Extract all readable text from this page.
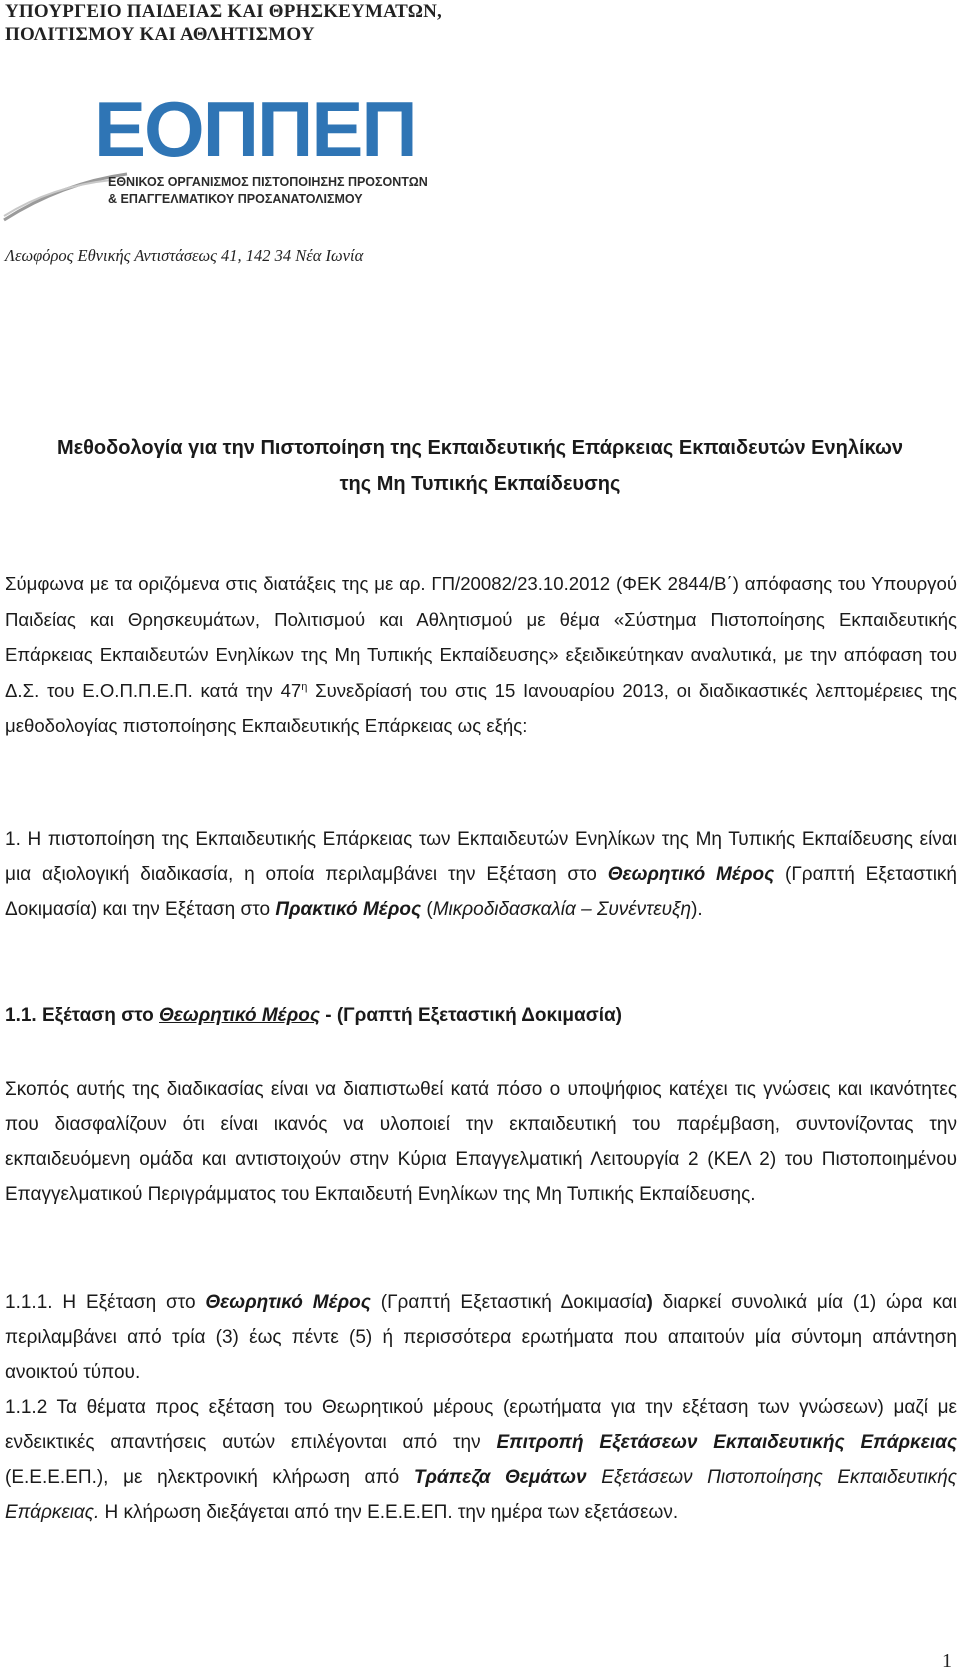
ΥΠΟΥΡΓΕΙΟ ΠΑΙΔΕΙΑΣ ΚΑΙ ΘΡΗΣΚΕΥΜΑΤΩΝ,
ΠΟΛΙΤΙΣΜΟΥ ΚΑΙ ΑΘΛΗΤΙΣΜΟΥ
ΕΟΠΠΕΠ
ΕΘΝΙΚΟΣ ΟΡΓΑΝΙΣΜΟΣ ΠΙΣΤΟΠΟΙΗΣΗΣ ΠΡΟΣΟΝΤΩΝ
& ΕΠΑΓΓΕΛΜΑΤΙΚΟΥ ΠΡΟΣΑΝΑΤΟΛΙΣΜΟΥ
Λεωφόρος Εθνικής Αντιστάσεως 41, 142 34 Νέα Ιωνία
Μεθοδολογία για την Πιστοποίηση της Εκπαιδευτικής Επάρκειας Εκπαιδευτών Ενηλίκων
της Μη Τυπικής Εκπαίδευσης
Σύμφωνα με τα οριζόμενα στις διατάξεις της με αρ. ΓΠ/20082/23.10.2012 (ΦΕΚ 2844/Β΄) απόφασης του Υπουργού Παιδείας και Θρησκευμάτων, Πολιτισμού και Αθλητισμού με θέμα «Σύστημα Πιστοποίησης Εκπαιδευτικής Επάρκειας Εκπαιδευτών Ενηλίκων της Μη Τυπικής Εκπαίδευσης» εξειδικεύτηκαν αναλυτικά, με την απόφαση του Δ.Σ. του Ε.Ο.Π.Π.Ε.Π. κατά την $47^\eta$ Συνεδρίασή του στις 15 Ιανουαρίου 2013, οι διαδικαστικές λεπτομέρειες της μεθοδολογίας πιστοποίησης Εκπαιδευτικής Επάρκειας ως εξής:
1. Η πιστοποίηση της Εκπαιδευτικής Επάρκειας των Εκπαιδευτών Ενηλίκων της Μη Τυπικής Εκπαίδευσης είναι μια αξιολογική διαδικασία, η οποία περιλαμβάνει την Εξέταση στο Θεωρητικό Μέρος (Γραπτή Εξεταστική Δοκιμασία) και την Εξέταση στο Πρακτικό Μέρος (Μικροδιδασκαλία – Συνέντευξη).
1.1. Εξέταση στο Θεωρητικό Μέρος - (Γραπτή Εξεταστική Δοκιμασία)
Σκοπός αυτής της διαδικασίας είναι να διαπιστωθεί κατά πόσο ο υποψήφιος κατέχει τις γνώσεις και ικανότητες που διασφαλίζουν ότι είναι ικανός να υλοποιεί την εκπαιδευτική του παρέμβαση, συντονίζοντας την εκπαιδευόμενη ομάδα και αντιστοιχούν στην Κύρια Επαγγελματική Λειτουργία 2 (ΚΕΛ 2) του Πιστοποιημένου Επαγγελματικού Περιγράμματος του Εκπαιδευτή Ενηλίκων της Μη Τυπικής Εκπαίδευσης.
1.1.1. Η Εξέταση στο Θεωρητικό Μέρος (Γραπτή Εξεταστική Δοκιμασία) διαρκεί συνολικά μία (1) ώρα και περιλαμβάνει από τρία (3) έως πέντε (5) ή περισσότερα ερωτήματα που απαιτούν μία σύντομη απάντηση ανοικτού τύπου.
1.1.2 Τα θέματα προς εξέταση του Θεωρητικού μέρους (ερωτήματα για την εξέταση των γνώσεων) μαζί με ενδεικτικές απαντήσεις αυτών επιλέγονται από την Επιτροπή Εξετάσεων Εκπαιδευτικής Επάρκειας (Ε.Ε.Ε.ΕΠ.), με ηλεκτρονική κλήρωση από Τράπεζα Θεμάτων Εξετάσεων Πιστοποίησης Εκπαιδευτικής Επάρκειας. Η κλήρωση διεξάγεται από την Ε.Ε.Ε.ΕΠ. την ημέρα των εξετάσεων.
1
